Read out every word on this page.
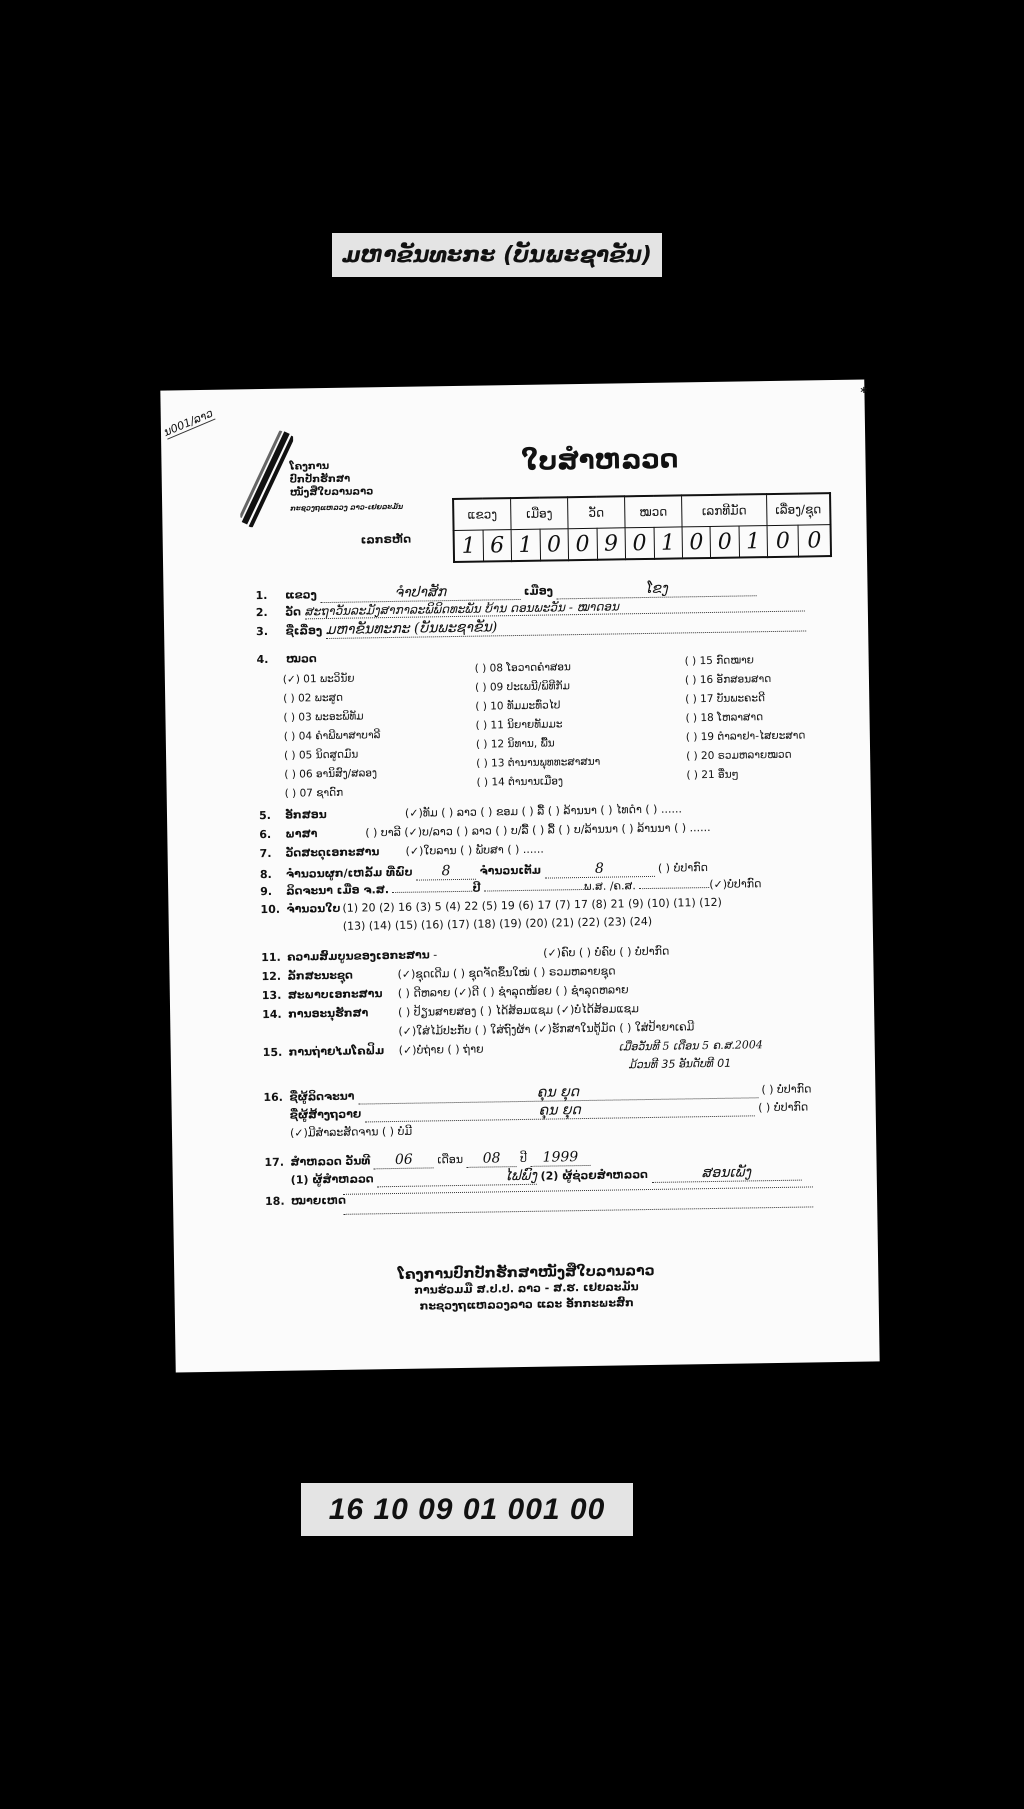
ມຫາຂັນທະກະ (ບັນພະຊາຂັນ)
*
ນ001/ລາວ
ໂຄງການ
ປົກປັກຮັກສາ
ໜັງສືໃບລານລາວ
ກະຊວງຖແຫລວງ ລາວ-ເຢຍລະມັນ
ໃບສຳຫລວດ
ເລກຣຫັດ
ແຂວງ		ເມືອງ		ວັດ		ໝວດ		ເລກທີມັດ			ເລື່ອງ/ຊຸດ	
1	6	1	0	0	9	0	1	0	0	1	0	0
1. ແຂວງ	ຈຳປາສັກ	ເມືອງ	ໂຂງ
2. ວັດ ສະຖາວັນລະມັງສາກາລະພິພິດທະພັນ ບ້ານ ດອນພະວັນ - ໝາດອນ
3. ຊື່ເລື່ອງ ມຫາຂັນທະກະ (ບັນພະຊາຂັນ)
4. ໝວດ
(✓) 01 ພະວິນັຍ
( ) 02 ພະສູດ
( ) 03 ພະອະພິທັມ
( ) 04 ຄຳພີພາສາບາລີ
( ) 05 ນິດສູດມົນ
( ) 06 ອານິສົງ/ສລອງ
( ) 07 ຊາດົກ
( ) 08 ໂອວາດຄຳສອນ
( ) 09 ປະເພນີ/ພິທີກັມ
( ) 10 ທັມມະທົ່ວໄປ
( ) 11 ນິຍາຍທັມມະ
( ) 12 ນິທານ, ພື້ນ
( ) 13 ຕຳນານພຸທທະສາສນາ
( ) 14 ຕຳນານເມືອງ
( ) 15 ກົດໝາຍ
( ) 16 ອັກສອນສາດ
( ) 17 ບັນພະຄະດີ
( ) 18 ໂຫລາສາດ
( ) 19 ຕຳລາຢາ-ໄສຍະສາດ
( ) 20 ຣວມຫລາຍໝວດ
( ) 21 ອື່ນໆ
5. ອັກສອນ	(✓)ທັມ ( ) ລາວ ( ) ຂອມ ( ) ລື້ ( ) ລ້ານນາ ( ) ໄທດຳ ( ) ......
6. ພາສາ	( ) ບາລີ (✓)ບ/ລາວ ( ) ລາວ ( ) ບ/ລື້ ( ) ລື້ ( ) ບ/ລ້ານນາ ( ) ລ້ານນາ ( ) ......
7. ວັດສະດຸເອກະສານ (✓)ໃບລານ ( ) ພັບສາ ( ) ......
8. ຈຳນວນຜູກ/ເຫລັ້ມ ທີ່ພົບ 8	ຈຳນວນເຕັມ	8	( ) ບໍ່ປາກົດ
9. ລິດຈະນາ ເມື່ອ ຈ.ສ.	ປີ	ພ.ສ. /ຄ.ສ.	(✓)ບໍ່ປາກົດ
10. ຈຳນວນໃບ (1) 20 (2) 16 (3) 5 (4) 22 (5) 19 (6) 17 (7) 17 (8) 21 (9) (10) (11) (12)
(13) (14) (15) (16) (17) (18) (19) (20) (21) (22) (23) (24)
11. ຄວາມສົມບູນຂອງເອກະສານ -	(✓)ຄົບ ( ) ບໍ່ຄົບ ( ) ບໍ່ປາກົດ
12. ລັກສະນະຊຸດ	(✓)ຊຸດເດີມ ( ) ຊຸດຈັດຂຶ້ນໃໝ່ ( ) ຣວມຫລາຍຊຸດ
13. ສະພາບເອກະສານ ( ) ດີຫລາຍ (✓)ດີ ( ) ຊຳລຸດໜ້ອຍ ( ) ຊຳລຸດຫລາຍ
14. ການອະນຸຮັກສາ	( ) ປ້ຽນສາຍສອງ ( ) ໄດ້ສ້ອມແຊມ (✓)ບໍ່ໄດ້ສ້ອມແຊມ
(✓)ໃສ່ໄມ້ປະກັບ ( ) ໃສ່ຖົງຜ້າ (✓)ຮັກສາໃນຕູ້ມັດ ( ) ໃສ່ປ້າຍາເຄມີ
15. ການຖ່າຍໄມໂຄຟິມ (✓)ບໍ່ຖ່າຍ ( ) ຖ່າຍ	ເມື່ອວັນທີ 5 ເດືອນ 5 ຄ.ສ.2004
ມ້ວນທີ 35 ອັນດັບທີ 01
16. ຊື່ຜູ້ລິດຈະນາ	ຄຸນ ຍຸດ	( ) ບໍ່ປາກົດ
ຊື່ຜູ້ສ້າງຖວາຍ	ຄຸນ ຍຸດ	( ) ບໍ່ປາກົດ
(✓)ມີສຳລະສັດຈານ ( ) ບໍ່ມີ
17. ສຳຫລວດ ວັນທີ 06 ເດືອນ 08 ປີ 1999
(1) ຜູ້ສຳຫລວດ	ໄຟພົງ (2) ຜູ້ຊ່ວຍສຳຫລວດ	ສອນເພັງ
18. ໝາຍເຫດ
ໂຄງການປົກປັກຮັກສາໜັງສືໃບລານລາວ
ການຮ່ວມມື ສ.ປ.ປ. ລາວ - ສ.ຮ. ເຢຍລະມັນ
ກະຊວງຖແຫລວງລາວ ແລະ ອັກກະພະສົກ
16 10 09 01 001 00
